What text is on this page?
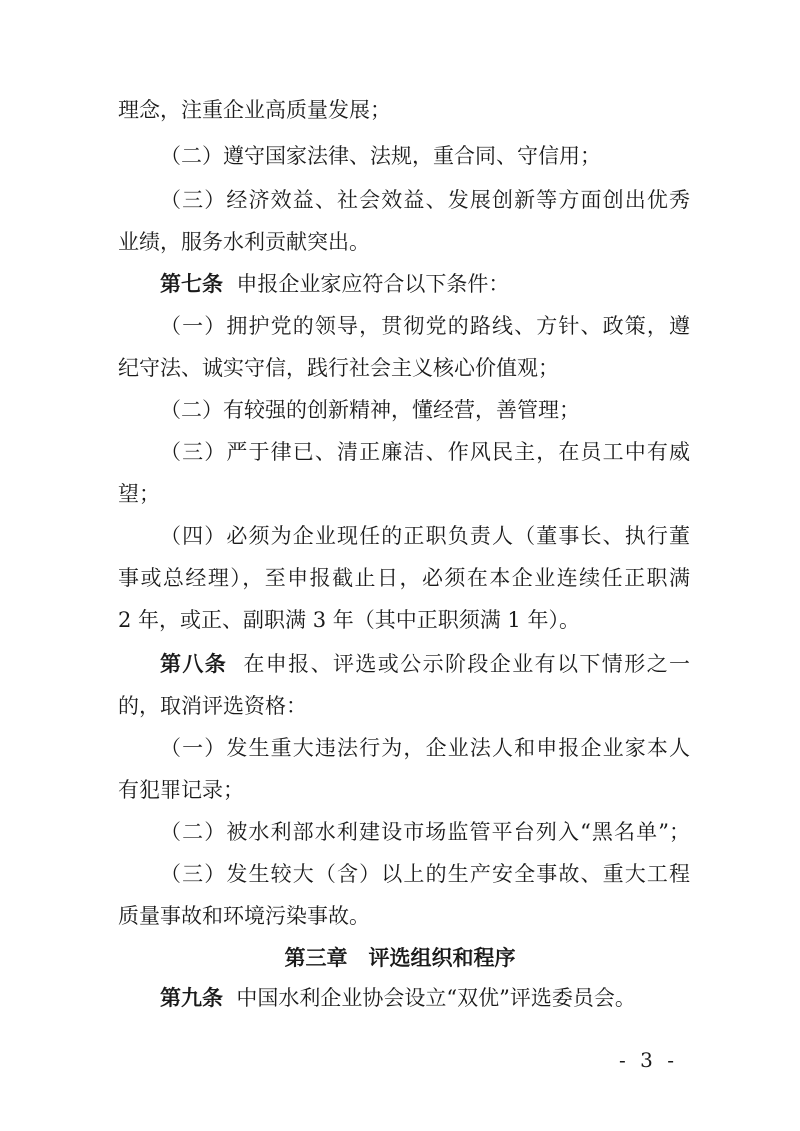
理念，注重企业高质量发展；
（二）遵守国家法律、法规，重合同、守信用；
（三）经济效益、社会效益、发展创新等方面创出优秀
业绩，服务水利贡献突出。
第七条 申报企业家应符合以下条件：
（一）拥护党的领导，贯彻党的路线、方针、政策，遵
纪守法、诚实守信，践行社会主义核心价值观；
（二）有较强的创新精神，懂经营，善管理；
（三）严于律已、清正廉洁、作风民主，在员工中有威
望；
（四）必须为企业现任的正职负责人（董事长、执行董
事或总经理），至申报截止日，必须在本企业连续任正职满
2 年，或正、副职满 3 年（其中正职须满 1 年）。
第八条 在申报、评选或公示阶段企业有以下情形之一
的，取消评选资格：
（一）发生重大违法行为，企业法人和申报企业家本人
有犯罪记录；
（二）被水利部水利建设市场监管平台列入“黑名单”；
（三）发生较大（含）以上的生产安全事故、重大工程
质量事故和环境污染事故。
第三章　评选组织和程序
第九条 中国水利企业协会设立“双优”评选委员会。
- 3 -
